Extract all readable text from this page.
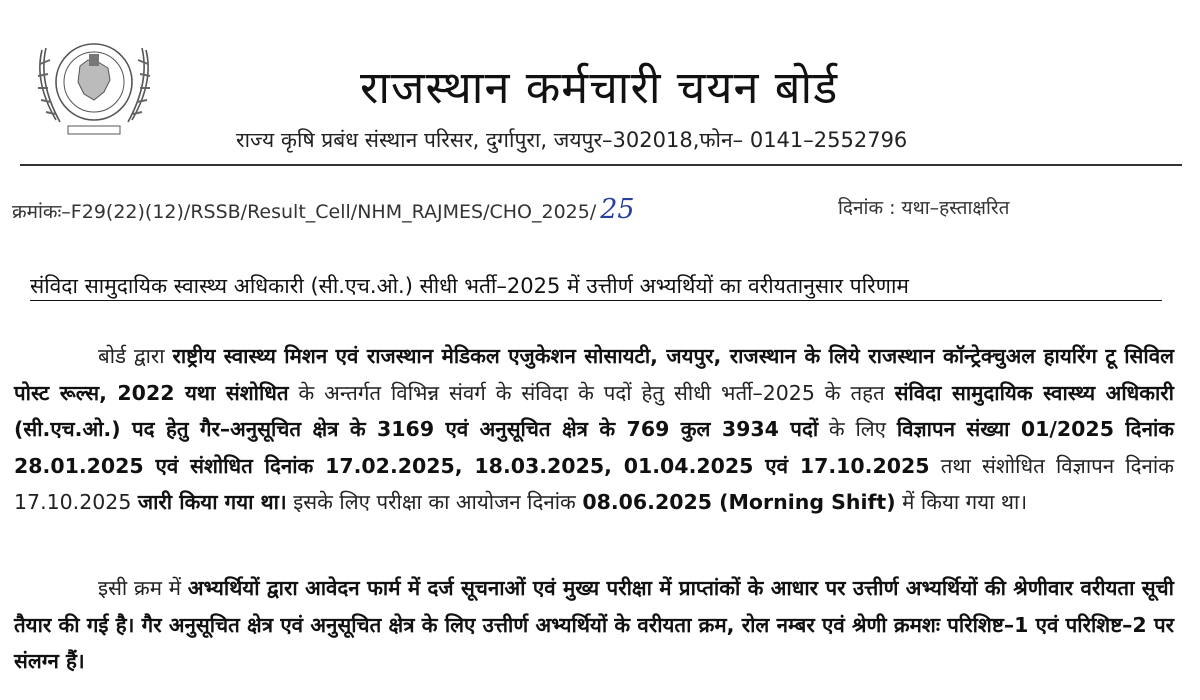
राजस्थान कर्मचारी चयन बोर्ड
राज्य कृषि प्रबंध संस्थान परिसर, दुर्गापुरा, जयपुर–302018,फोन– 0141–2552796
क्रमांकः–F29(22)(12)/RSSB/Result_Cell/NHM_RAJMES/CHO_2025/ 25	दिनांक : यथा–हस्ताक्षरित
संविदा सामुदायिक स्वास्थ्य अधिकारी (सी.एच.ओ.) सीधी भर्ती–2025 में उत्तीर्ण अभ्यर्थियों का वरीयतानुसार परिणाम

बोर्ड द्वारा राष्ट्रीय स्वास्थ्य मिशन एवं राजस्थान मेडिकल एजुकेशन सोसायटी, जयपुर, राजस्थान के लिये राजस्थान कॉन्ट्रेक्चुअल हायरिंग टू सिविल पोस्ट रूल्स, 2022 यथा संशोधित के अन्तर्गत विभिन्न संवर्ग के संविदा के पदों हेतु सीधी भर्ती–2025 के तहत संविदा सामुदायिक स्वास्थ्य अधिकारी (सी.एच.ओ.) पद हेतु गैर–अनुसूचित क्षेत्र के 3169 एवं अनुसूचित क्षेत्र के 769 कुल 3934 पदों के लिए विज्ञापन संख्या 01/2025 दिनांक 28.01.2025 एवं संशोधित दिनांक 17.02.2025, 18.03.2025, 01.04.2025 एवं 17.10.2025 तथा संशोधित विज्ञापन दिनांक 17.10.2025 जारी किया गया था। इसके लिए परीक्षा का आयोजन दिनांक 08.06.2025 (Morning Shift) में किया गया था।

इसी क्रम में अभ्यर्थियों द्वारा आवेदन फार्म में दर्ज सूचनाओं एवं मुख्य परीक्षा में प्राप्तांकों के आधार पर उत्तीर्ण अभ्यर्थियों की श्रेणीवार वरीयता सूची तैयार की गई है। गैर अनुसूचित क्षेत्र एवं अनुसूचित क्षेत्र के लिए उत्तीर्ण अभ्यर्थियों के वरीयता क्रम, रोल नम्बर एवं श्रेणी क्रमशः परिशिष्ट–1 एवं परिशिष्ट–2 पर संलग्न हैं।
